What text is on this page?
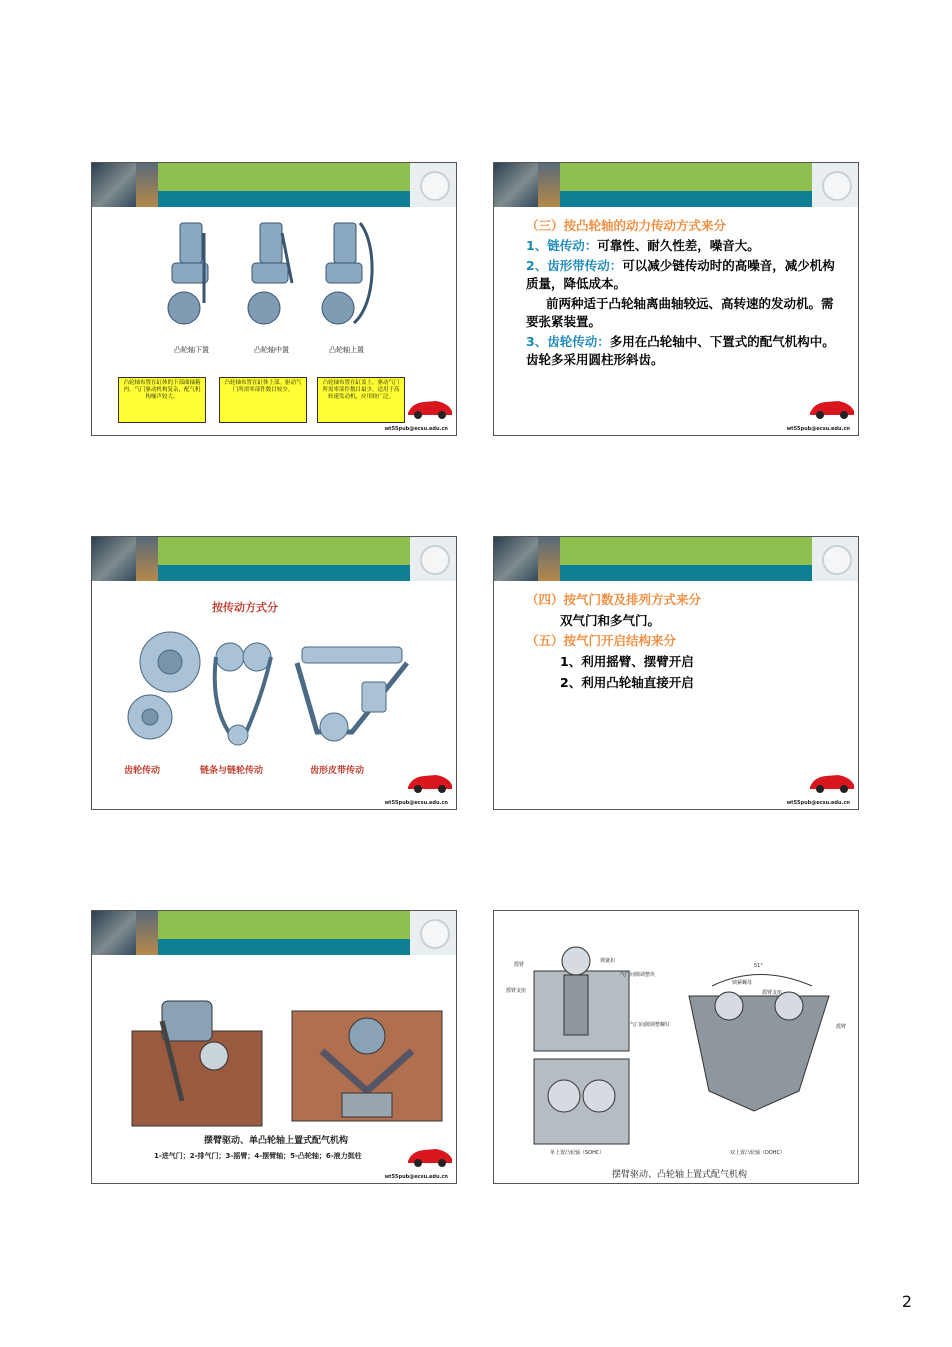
凸轮轴下置	凸轮轴中置	凸轮轴上置
凸轮轴布置在缸体的下部曲轴箱内。气门驱动机构复杂，配气机构噪声较大。
凸轮轴布置在缸体上部。驱动气门所需零部件数目较少。
凸轮轴布置在缸盖上。驱动气门所需零部件数目最少。适用于高转速发动机，应用较广泛。
wt55pub@ecsu.edu.cn
（三）按凸轮轴的动力传动方式来分
1、链传动：可靠性、耐久性差，噪音大。
2、齿形带传动：可以减少链传动时的高噪音，减少机构质量，降低成本。
前两种适于凸轮轴离曲轴较远、高转速的发动机。需要张紧装置。
3、齿轮传动：多用在凸轮轴中、下置式的配气机构中。齿轮多采用圆柱形斜齿。
wt55pub@ecsu.edu.cn
按传动方式分
齿轮传动	链条与链轮传动	齿形皮带传动
wt55pub@ecsu.edu.cn
（四）按气门数及排列方式来分
双气门和多气门。
（五）按气门开启结构来分
1、利用摇臂、摆臂开启
2、利用凸轮轴直接开启
wt55pub@ecsu.edu.cn
摆臂驱动、单凸轮轴上置式配气机构
1-进气门；2-排气门；3-摇臂；4-摆臂轴；5-凸轮轴；6-液力挺柱
wt55pub@ecsu.edu.cn
摇臂
弹簧扣
气门间隙调整块
摇臂支座
气门间隙调整螺钉
锁紧螺母
摇臂支座
摇臂
51°
单上置凸轮轴（SOHC）	双上置凸轮轴（DOHC）
摆臂驱动、凸轮轴上置式配气机构
2
